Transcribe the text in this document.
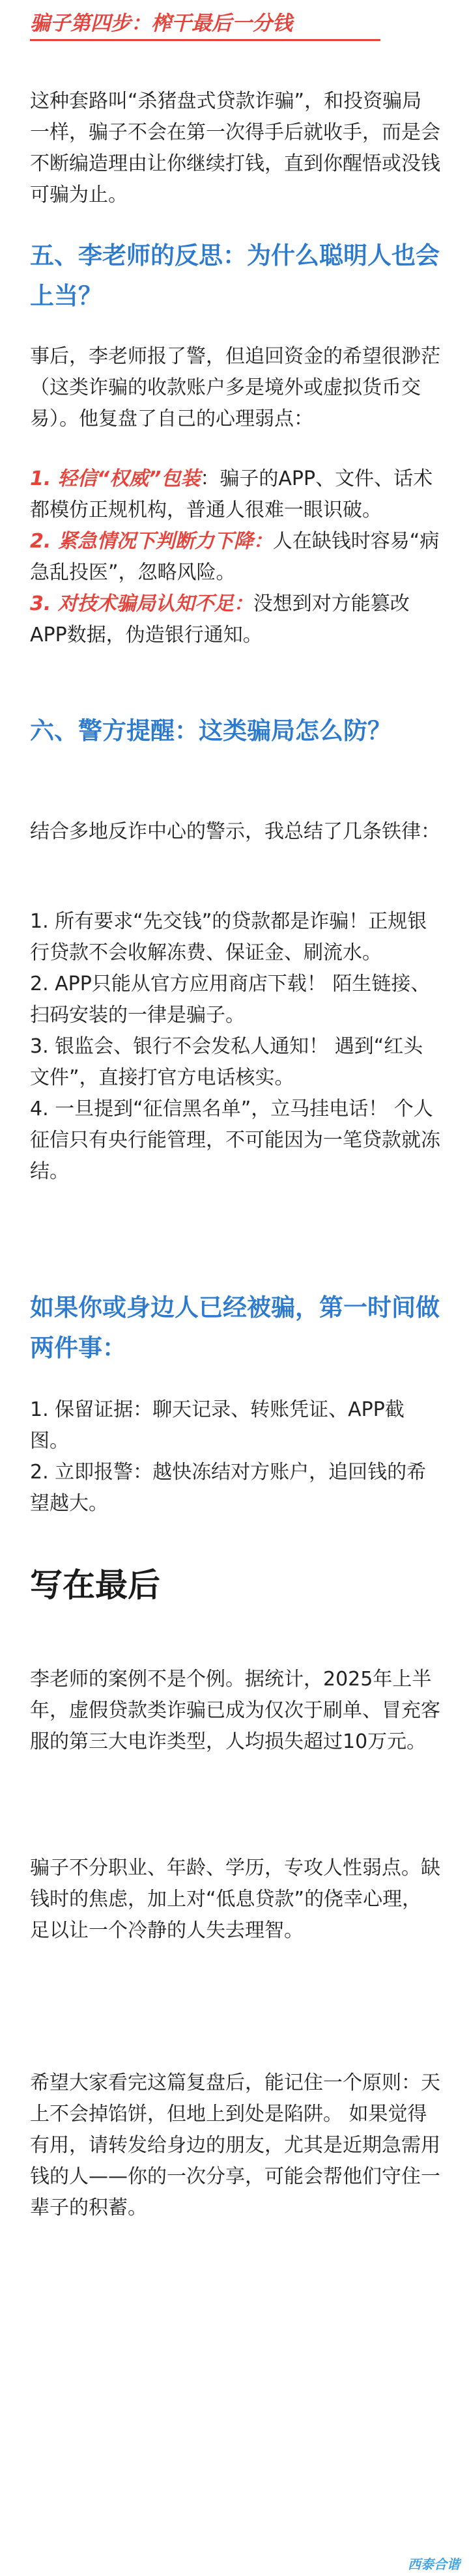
骗子第四步：榨干最后一分钱

这种套路叫“杀猪盘式贷款诈骗”，和投资骗局一样，骗子不会在第一次得手后就收手，而是会不断编造理由让你继续打钱，直到你醒悟或没钱可骗为止。

五、李老师的反思：为什么聪明人也会上当？

事后，李老师报了警，但追回资金的希望很渺茫（这类诈骗的收款账户多是境外或虚拟货币交易）。他复盘了自己的心理弱点：

1. 轻信“权威”包装：骗子的APP、文件、话术都模仿正规机构，普通人很难一眼识破。

2. 紧急情况下判断力下降：人在缺钱时容易“病急乱投医”，忽略风险。

3. 对技术骗局认知不足：没想到对方能篡改APP数据，伪造银行通知。

六、警方提醒：这类骗局怎么防？

结合多地反诈中心的警示，我总结了几条铁律：

1. 所有要求“先交钱”的贷款都是诈骗！正规银行贷款不会收解冻费、保证金、刷流水。

2. APP只能从官方应用商店下载！ 陌生链接、扫码安装的一律是骗子。

3. 银监会、银行不会发私人通知！ 遇到“红头文件”，直接打官方电话核实。

4. 一旦提到“征信黑名单”，立马挂电话！ 个人征信只有央行能管理，不可能因为一笔贷款就冻结。

如果你或身边人已经被骗，第一时间做两件事：

1. 保留证据：聊天记录、转账凭证、APP截图。

2. 立即报警：越快冻结对方账户，追回钱的希望越大。

写在最后

李老师的案例不是个例。据统计，2025年上半年，虚假贷款类诈骗已成为仅次于刷单、冒充客服的第三大电诈类型，人均损失超过10万元。

骗子不分职业、年龄、学历，专攻人性弱点。缺钱时的焦虑，加上对“低息贷款”的侥幸心理，足以让一个冷静的人失去理智。

希望大家看完这篇复盘后，能记住一个原则：天上不会掉馅饼，但地上到处是陷阱。 如果觉得有用，请转发给身边的朋友，尤其是近期急需用钱的人——你的一次分享，可能会帮他们守住一辈子的积蓄。

西泰合谐
